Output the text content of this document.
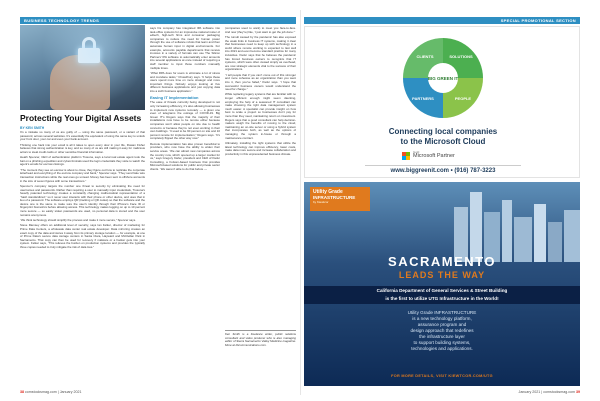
BUSINESS TECHNOLOGY TRENDS
Protecting Your Digital Assets
BY KEN SMITH

It’s a mistake so many of us are guilty of — using the same password, or a variant of that password, across several websites. It’s essentially the equivalent of using the same key to unlock your front door, your car and even your bank account.

Thinking one hack into your email is all it takes to open every door in your life, Rowan Fisher believes that strong authentication is key, and so many of us are still making it easy for malicious actors to steal credit cards or other sensitive financial information.

Heath Spencer, CEO of authentication platform Trusona, says a local real estate agent took the bait on a phishing expedition and cybercriminals used the login credentials they stole to watch the agent’s emails for escrow closings.

“The moment they see an escrow is about to close, they figure out how to replicate the corporate letterhead and everything of the escrow company and bank,” Spencer says. “They send fake wire transaction instructions while the real ones go unread. Money has been sent to offshore accounts in the size of seven figures with some transactions.”

Spencer’s company targets the number one threat to security by eliminating the need for usernames and passwords. Rather than requiring a user to manually input credentials, Trusona’s heavily patented technology creates a constantly changing mathematical representation of a “hash standardized,” so it never user interacts with their phone or other device, and uses that in lieu of a password. The software employs QR (tracking or QR codes) so that the software and the device one is the same to make sure the user’s identity through their iPhone’s Face ID or fingerprint biometrics before allowing access. This technology makes logging on up to 10 percent more secure — so easily stolen passwords are used, no personal data is stored and the user remains anonymous.

“We think technology should simplify the process and make it more secure,” Spencer says.

Steve Ramsey offers an additional level of security, says Ian Felker, director of marketing for Prime Data Centers, a wholesale data center real estate developer. Data mirroring creates an exact copy of the data and stores it away from its primary storage location — for example, at one of Prime Data’s secure data storage centers in Santa Clara, Hayward and McClellan Park in Sacramento. That copy can then be used for recovery if malware or a hacker gets into your system. Felker says, “This relieves the burden on production systems and provides the typically three copies needed to truly mitigate the risk of data loss.”

says his company has integrated IPA software into task-office systems for an impressive national roster of edtech, high-tech firms and consumer packaging companies to reduce the need for human power through the use of software robots that learn and then automate human input in digital environments. For example, accounts payable departments that receive invoices in a variety of formats can use The Silicon Partners’ IPA software to automatically enter amounts into several applications at once instead of requiring a staff member to input those numbers manually multiple times.

“What RPA does for users is eliminate a lot of stress and mundane tasks,” Chowdhury says. “It helps these users spend more time on more strategic and more important things. Nobody enjoys looking at five different business applications and just copying data into a sixth business application.”

Easing IT Implementation

The ease of threats currently being developed is not only increasing efficiency, it’s also allowing businesses to implement new systems remotely — a given one even of telegrams the outrage of COVID-19. Big Green IT’s Rogers says that the majority of their installations now have to be remote either because companies won’t allow people on site due to health concerns or because they’re not even working in their own buildings. “It used to be 90 percent on site and 10 percent remote for implementation,” Rogers says. “It’s completely flipped the other way now.”

Remote implementation has also proven beneficial to providers, who now have the ability to widen their service areas. “We can attract new companies across the country now, which opened up a larger market for us,” says Gregory Kiefer, president and CEO of Kiefer Consulting, a Folsom-based business that provides Microsoft-based solutions for public and private sector clients. “We weren’t able to do that before —

(companies used to want) to meet you face-to-face. And now (they’re) like, ‘I just want to get the job done.’”

The tumult caused by the pandemic has also exposed the weak links in business IT systems, making it clear that businesses need to keep up with technology in a world where remote working is expected to last well into 2021 and even become standard practice for many industries. Kiefer says that he believes the pandemic has forced business owners to recognize that IT systems, which were often viewed simply as overhead, are now strategic elements vital to the success of their organizations.

“I tell people that if you can’t come out of this stronger and more cohesive as an organization than you went into it, then you’ve failed,” Kiefer says. “I hope that successful business owners would understand the need for change.”

While replacing legacy systems that are familiar with no longer efficient enough might seem daunting, employing the help of a seasoned IT consultant can make choosing the right data management system much easier. A specialist can provide insight on how best to scale a project so businesses don’t pay for more than they need, maintaining return on investment. Rogers says that a good consultant can help decision-makers weigh the benefits of moving to the cloud, maintaining an on-site server or using a hybrid system that incorporates both, as well as the options of managing the system in-house or through a maintenance contract.

Ultimately, installing the right systems that utilize the latest technology can improve efficiency, lower costs, make data more secure and increase collaboration and productivity in this unprecedented business climate.

Ken Smith is a freelance writer, public relations consultant and video producer who is also managing editor of Sierra Sacramento Valley Medicine magazine. More at kbcommunications.com.

38 comstocksmag.com | January 2021
SPECIAL PROMOTIONAL SECTION
BIG GREEN IT
SOLUTIONS
PEOPLE
PARTNERS
CLIENTS
Connecting local companies
to the Microsoft Cloud
Gold
Microsoft Partner
www.biggreenit.com • (916) 787-3223
Utility Grade
INFRASTRUCTURE
by Kiewtcor
SACRAMENTO
LEADS THE WAY
California Department of General Services & Street Building
is the first to utilize UTG Infrastructure in the World!
Utility Grade INFRASTRUCTURE
is a new technology platform,
assurance program and
design approach that redefines
the infrastructure layer
to support building systems,
technologies and applications.
FOR MORE DETAILS, VISIT KIEWTCOR.COM/UTG
January 2021 | comstocksmag.com 39
